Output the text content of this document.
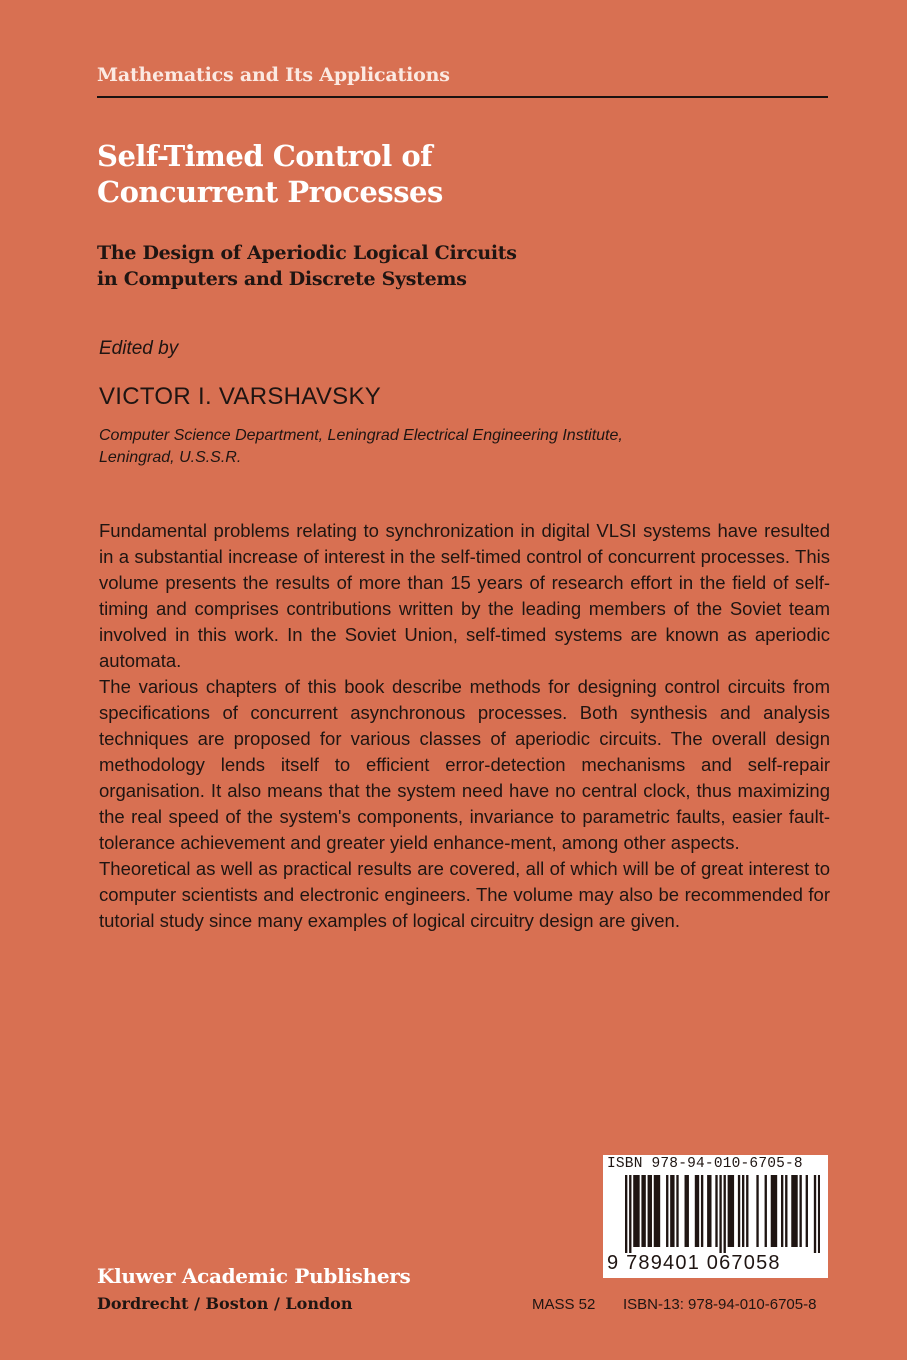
Mathematics and Its Applications
Self-Timed Control of
Concurrent Processes
The Design of Aperiodic Logical Circuits
in Computers and Discrete Systems
Edited by
VICTOR I. VARSHAVSKY
Computer Science Department, Leningrad Electrical Engineering Institute,
Leningrad, U.S.S.R.

Fundamental problems relating to synchronization in digital VLSI systems have resulted in a substantial increase of interest in the self-timed control of concurrent processes. This volume presents the results of more than 15 years of research effort in the field of self-timing and comprises contributions written by the leading members of the Soviet team involved in this work. In the Soviet Union, self-timed systems are known as aperiodic automata.

The various chapters of this book describe methods for designing control circuits from specifications of concurrent asynchronous processes. Both synthesis and analysis techniques are proposed for various classes of aperiodic circuits. The overall design methodology lends itself to efficient error-detection mechanisms and self-repair organisation. It also means that the system need have no central clock, thus maximizing the real speed of the system's components, invariance to parametric faults, easier fault-tolerance achievement and greater yield enhance-ment, among other aspects.

Theoretical as well as practical results are covered, all of which will be of great interest to computer scientists and electronic engineers. The volume may also be recommended for tutorial study since many examples of logical circuitry design are given.

ISBN 978-94-010-6705-8
9 789401 067058
Kluwer Academic Publishers
Dordrecht / Boston / London	MASS 52 ISBN-13: 978-94-010-6705-8
